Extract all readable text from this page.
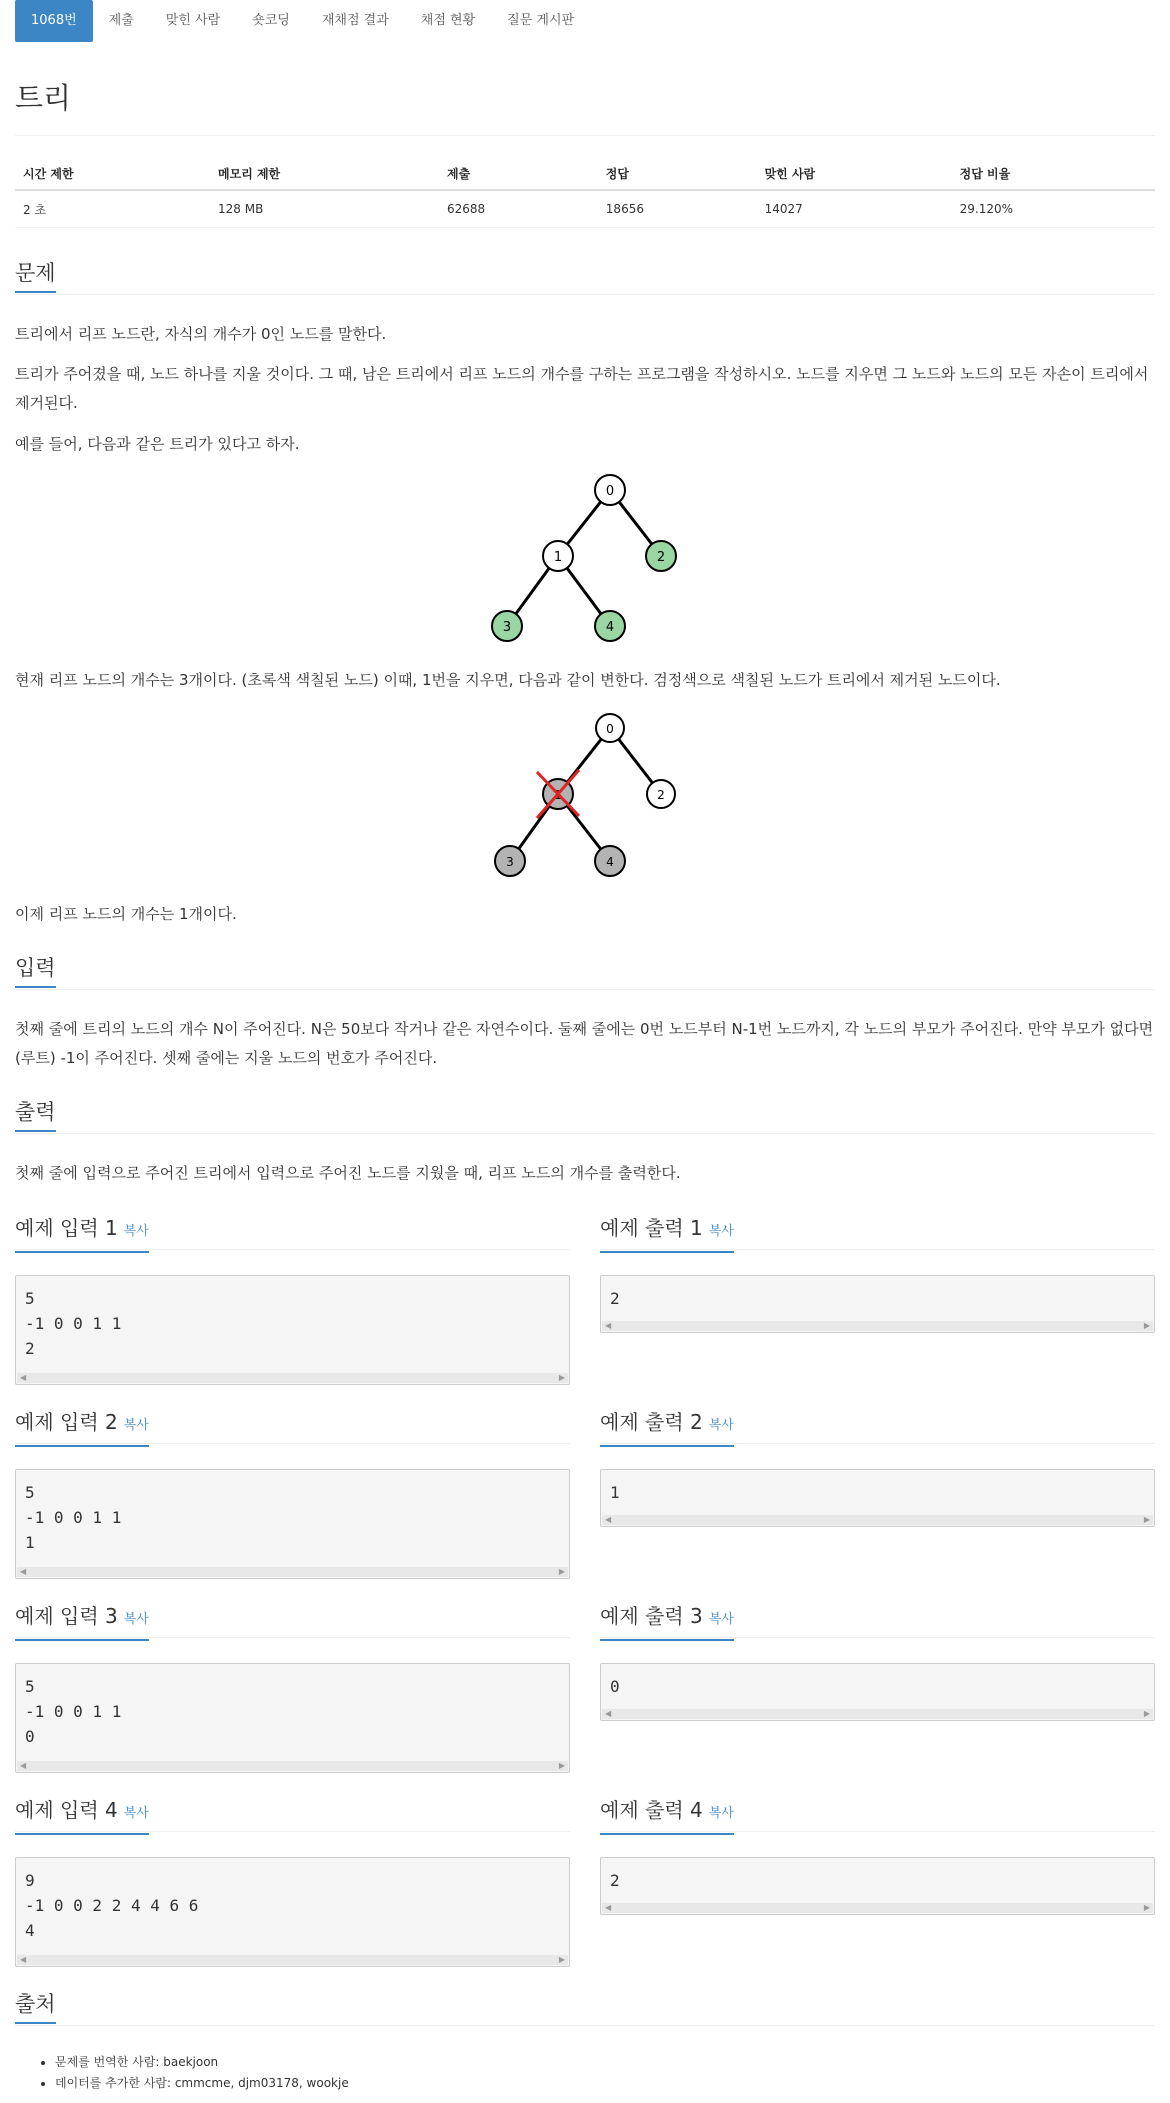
1068번	제출	맞힌 사람	숏코딩	재채점 결과	채점 현황	질문 게시판
트리
시간 제한	메모리 제한	제출	정답	맞힌 사람	정답 비율
2 초	128 MB	62688	18656	14027	29.120%
문제

트리에서 리프 노드란, 자식의 개수가 0인 노드를 말한다.

트리가 주어졌을 때, 노드 하나를 지울 것이다. 그 때, 남은 트리에서 리프 노드의 개수를 구하는 프로그램을 작성하시오. 노드를 지우면 그 노드와 노드의 모든 자손이 트리에서 제거된다.

예를 들어, 다음과 같은 트리가 있다고 하자.

0
1	2
3	4

현재 리프 노드의 개수는 3개이다. (초록색 색칠된 노드) 이때, 1번을 지우면, 다음과 같이 변한다. 검정색으로 색칠된 노드가 트리에서 제거된 노드이다.

0
2
3	4

이제 리프 노드의 개수는 1개이다.

입력

첫째 줄에 트리의 노드의 개수 N이 주어진다. N은 50보다 작거나 같은 자연수이다. 둘째 줄에는 0번 노드부터 N-1번 노드까지, 각 노드의 부모가 주어진다. 만약 부모가 없다면 (루트) -1이 주어진다. 셋째 줄에는 지울 노드의 번호가 주어진다.

출력

첫째 줄에 입력으로 주어진 트리에서 입력으로 주어진 노드를 지웠을 때, 리프 노드의 개수를 출력한다.

예제 입력 1 복사
5
-1 0 0 1 1
2
◀	▶
예제 출력 1 복사
2
◀	▶
예제 입력 2 복사
5
-1 0 0 1 1
1
◀	▶
예제 출력 2 복사
1
◀	▶
예제 입력 3 복사
5
-1 0 0 1 1
0
◀	▶
예제 출력 3 복사
0
◀	▶
예제 입력 4 복사
9
-1 0 0 2 2 4 4 6 6
4
◀	▶
예제 출력 4 복사
2
◀	▶
출처
• 문제를 번역한 사람: baekjoon
• 데이터를 추가한 사람: cmmcme, djm03178, wookje
